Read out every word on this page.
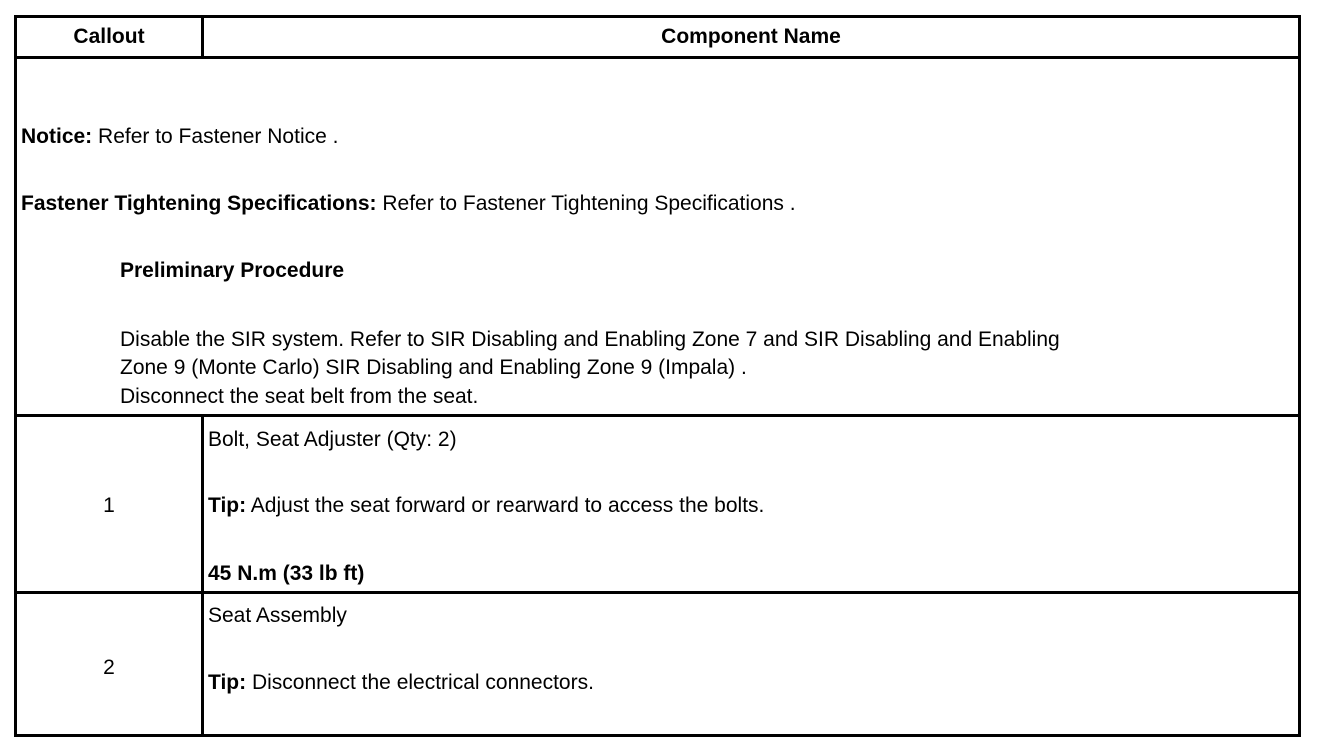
Callout	Component Name
Notice: Refer to Fastener Notice .
Fastener Tightening Specifications: Refer to Fastener Tightening Specifications .
Preliminary Procedure
Disable the SIR system. Refer to SIR Disabling and Enabling Zone 7 and SIR Disabling and Enabling
Zone 9 (Monte Carlo) SIR Disabling and Enabling Zone 9 (Impala) .
Disconnect the seat belt from the seat.
1
Bolt, Seat Adjuster (Qty: 2)
Tip: Adjust the seat forward or rearward to access the bolts.
45 N.m (33 lb ft)
2
Seat Assembly
Tip: Disconnect the electrical connectors.
